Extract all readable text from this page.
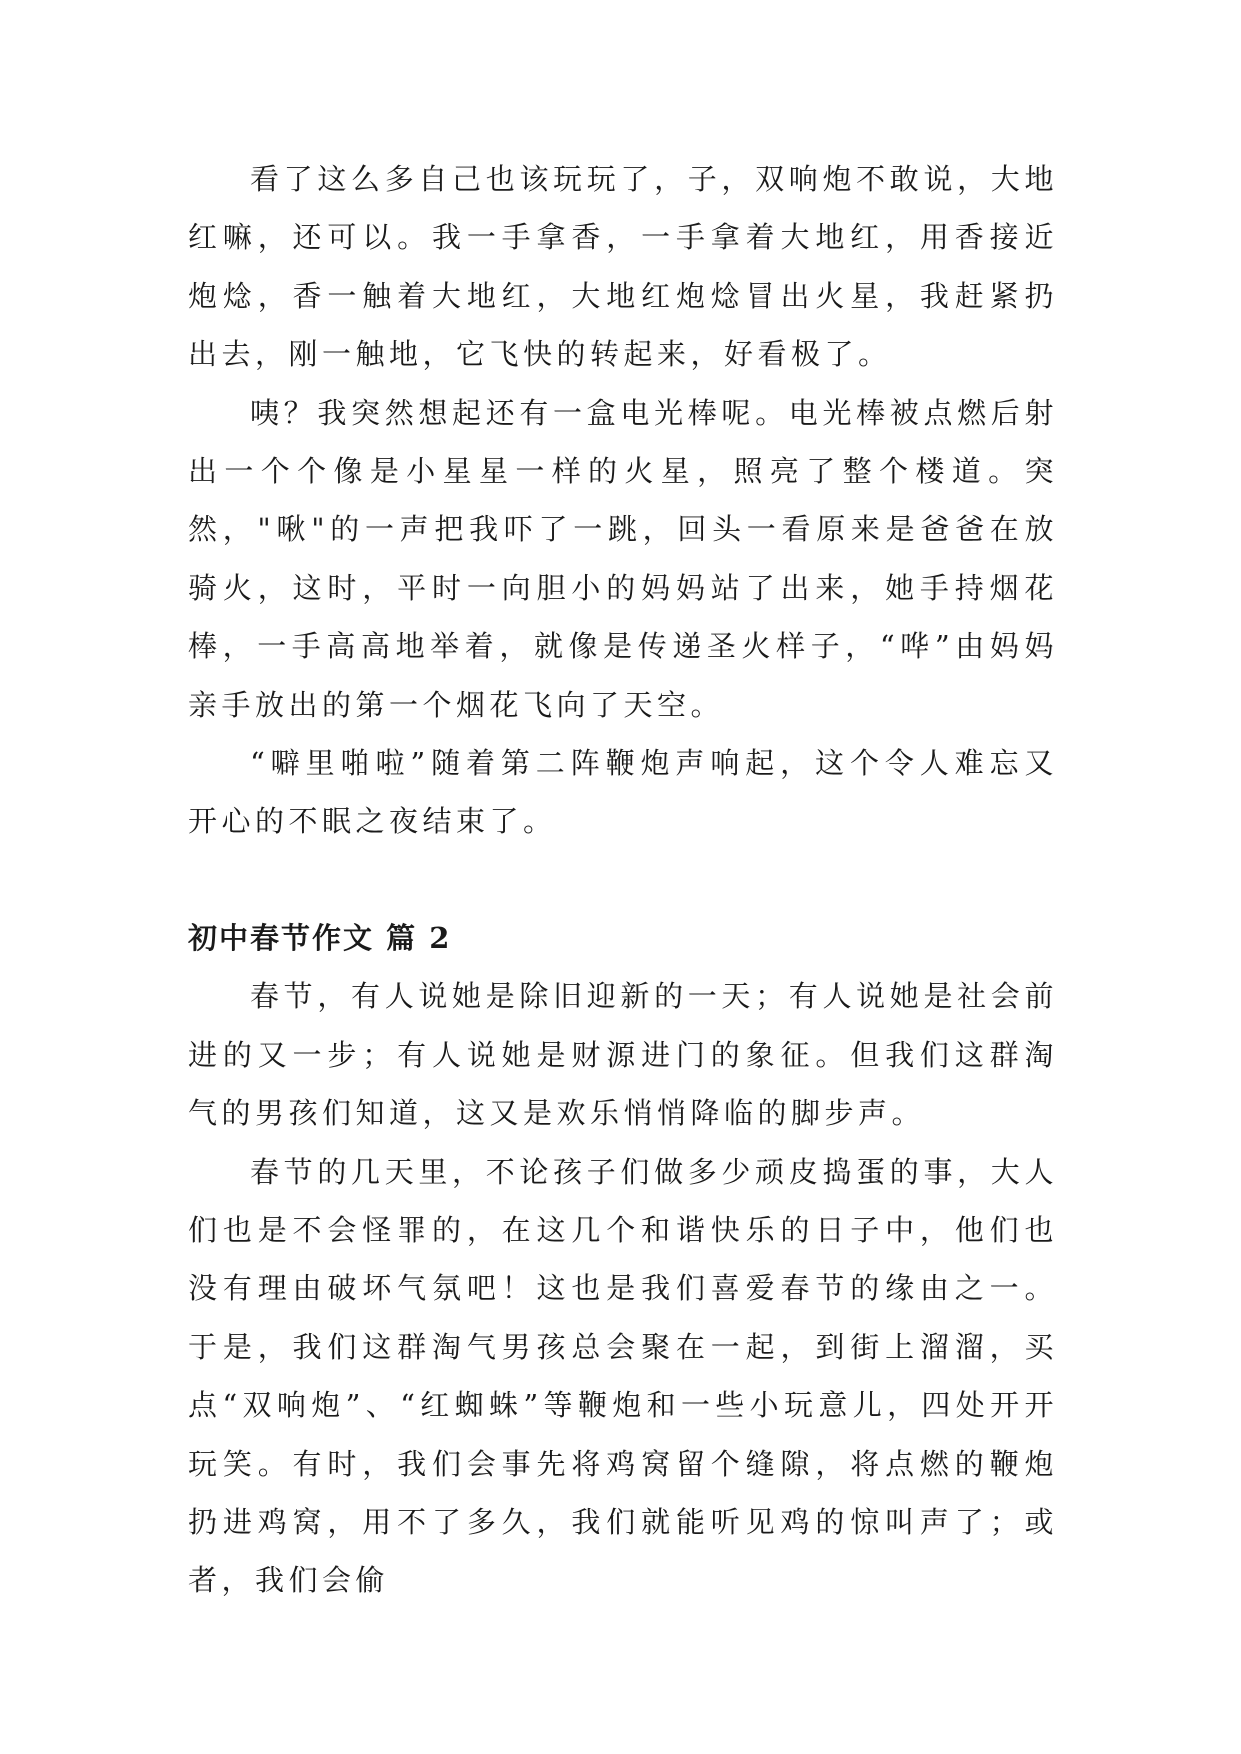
看了这么多自己也该玩玩了，子，双响炮不敢说，大地红嘛，还可以。我一手拿香，一手拿着大地红，用香接近炮焾，香一触着大地红，大地红炮焾冒出火星，我赶紧扔出去，刚一触地，它飞快的转起来，好看极了。

咦？我突然想起还有一盒电光棒呢。电光棒被点燃后射出一个个像是小星星一样的火星，照亮了整个楼道。突然，"啾"的一声把我吓了一跳，回头一看原来是爸爸在放骑火，这时，平时一向胆小的妈妈站了出来，她手持烟花棒，一手高高地举着，就像是传递圣火样子，“哗”由妈妈亲手放出的第一个烟花飞向了天空。

“噼里啪啦”随着第二阵鞭炮声响起，这个令人难忘又开心的不眠之夜结束了。

初中春节作文 篇 2

春节，有人说她是除旧迎新的一天；有人说她是社会前进的又一步；有人说她是财源进门的象征。但我们这群淘气的男孩们知道，这又是欢乐悄悄降临的脚步声。

春节的几天里，不论孩子们做多少顽皮捣蛋的事，大人们也是不会怪罪的，在这几个和谐快乐的日子中，他们也没有理由破坏气氛吧！这也是我们喜爱春节的缘由之一。于是，我们这群淘气男孩总会聚在一起，到街上溜溜，买点“双响炮”、“红蜘蛛”等鞭炮和一些小玩意儿，四处开开玩笑。有时，我们会事先将鸡窝留个缝隙，将点燃的鞭炮扔进鸡窝，用不了多久，我们就能听见鸡的惊叫声了；或者，我们会偷
